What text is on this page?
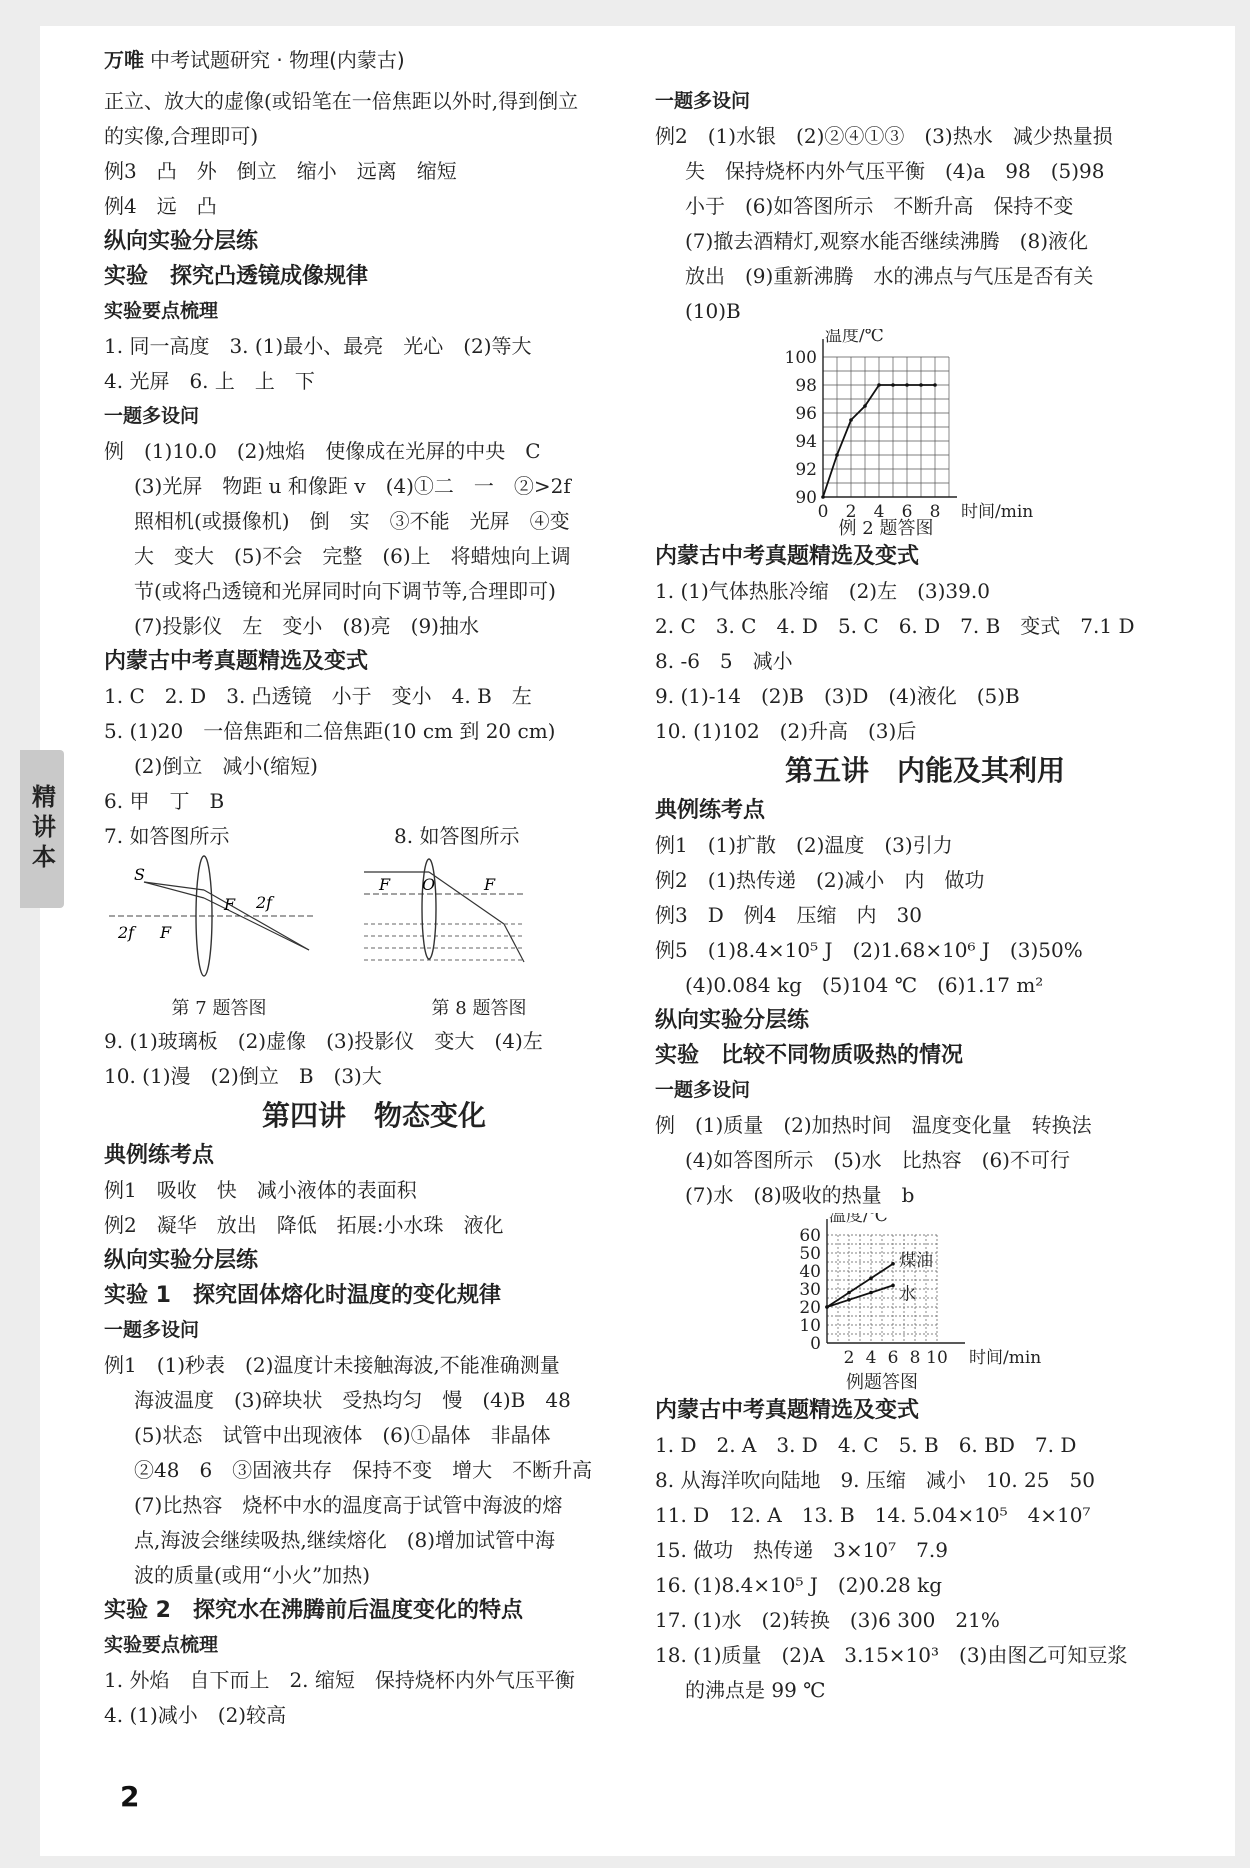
万唯 中考试题研究 · 物理(内蒙古)
精讲本
正立、放大的虚像(或铅笔在一倍焦距以外时,得到倒立
的实像,合理即可)
例3　凸　外　倒立　缩小　远离　缩短
例4　远　凸
纵向实验分层练
实验　探究凸透镜成像规律
实验要点梳理
1. 同一高度　3. (1)最小、最亮　光心　(2)等大
4. 光屏　6. 上　上　下
一题多设问
例　(1)10.0　(2)烛焰　使像成在光屏的中央　C
(3)光屏　物距 u 和像距 v　(4)①二　一　②>2f
照相机(或摄像机)　倒　实　③不能　光屏　④变
大　变大　(5)不会　完整　(6)上　将蜡烛向上调
节(或将凸透镜和光屏同时向下调节等,合理即可)
(7)投影仪　左　变小　(8)亮　(9)抽水
内蒙古中考真题精选及变式
1. C　2. D　3. 凸透镜　小于　变小　4. B　左
5. (1)20　一倍焦距和二倍焦距(10 cm 到 20 cm)
(2)倒立　减小(缩短)
6. 甲　丁　B
7. 如答图所示	8. 如答图所示
S
F 2f
2f F
F O	F
第 7 题答图	第 8 题答图
9. (1)玻璃板　(2)虚像　(3)投影仪　变大　(4)左
10. (1)漫　(2)倒立　B　(3)大
第四讲　物态变化
典例练考点
例1　吸收　快　减小液体的表面积
例2　凝华　放出　降低　拓展:小水珠　液化
纵向实验分层练
实验 1　探究固体熔化时温度的变化规律
一题多设问
例1　(1)秒表　(2)温度计未接触海波,不能准确测量
海波温度　(3)碎块状　受热均匀　慢　(4)B　48
(5)状态　试管中出现液体　(6)①晶体　非晶体
②48　6　③固液共存　保持不变　增大　不断升高
(7)比热容　烧杯中水的温度高于试管中海波的熔
点,海波会继续吸热,继续熔化　(8)增加试管中海
波的质量(或用“小火”加热)
实验 2　探究水在沸腾前后温度变化的特点
实验要点梳理
1. 外焰　自下而上　2. 缩短　保持烧杯内外气压平衡
4. (1)减小　(2)较高
一题多设问
例2　(1)水银　(2)②④①③　(3)热水　减少热量损
失　保持烧杯内外气压平衡　(4)a　98　(5)98
小于　(6)如答图所示　不断升高　保持不变
(7)撤去酒精灯,观察水能否继续沸腾　(8)液化
放出　(9)重新沸腾　水的沸点与气压是否有关
(10)B
90
92
94
96
98
100
0 2 4 6 8 时间/min
温度/℃
例 2 题答图
内蒙古中考真题精选及变式
1. (1)气体热胀冷缩　(2)左　(3)39.0
2. C　3. C　4. D　5. C　6. D　7. B　变式　7.1 D
8. -6　5　减小
9. (1)-14　(2)B　(3)D　(4)液化　(5)B
10. (1)102　(2)升高　(3)后
第五讲　内能及其利用
典例练考点
例1　(1)扩散　(2)温度　(3)引力
例2　(1)热传递　(2)减小　内　做功
例3　D　例4　压缩　内　30
例5　(1)8.4×10⁵ J　(2)1.68×10⁶ J　(3)50%
(4)0.084 kg　(5)104 ℃　(6)1.17 m²
纵向实验分层练
实验　比较不同物质吸热的情况
一题多设问
例　(1)质量　(2)加热时间　温度变化量　转换法
(4)如答图所示　(5)水　比热容　(6)不可行
(7)水　(8)吸收的热量　b
0
10
20
30
40
50
60
2 4 6 8 10 时间/min
温度/℃
煤油
水
例题答图
内蒙古中考真题精选及变式
1. D　2. A　3. D　4. C　5. B　6. BD　7. D
8. 从海洋吹向陆地　9. 压缩　减小　10. 25　50
11. D　12. A　13. B　14. 5.04×10⁵　4×10⁷
15. 做功　热传递　3×10⁷　7.9
16. (1)8.4×10⁵ J　(2)0.28 kg
17. (1)水　(2)转换　(3)6 300　21%
18. (1)质量　(2)A　3.15×10³　(3)由图乙可知豆浆
的沸点是 99 ℃
2
